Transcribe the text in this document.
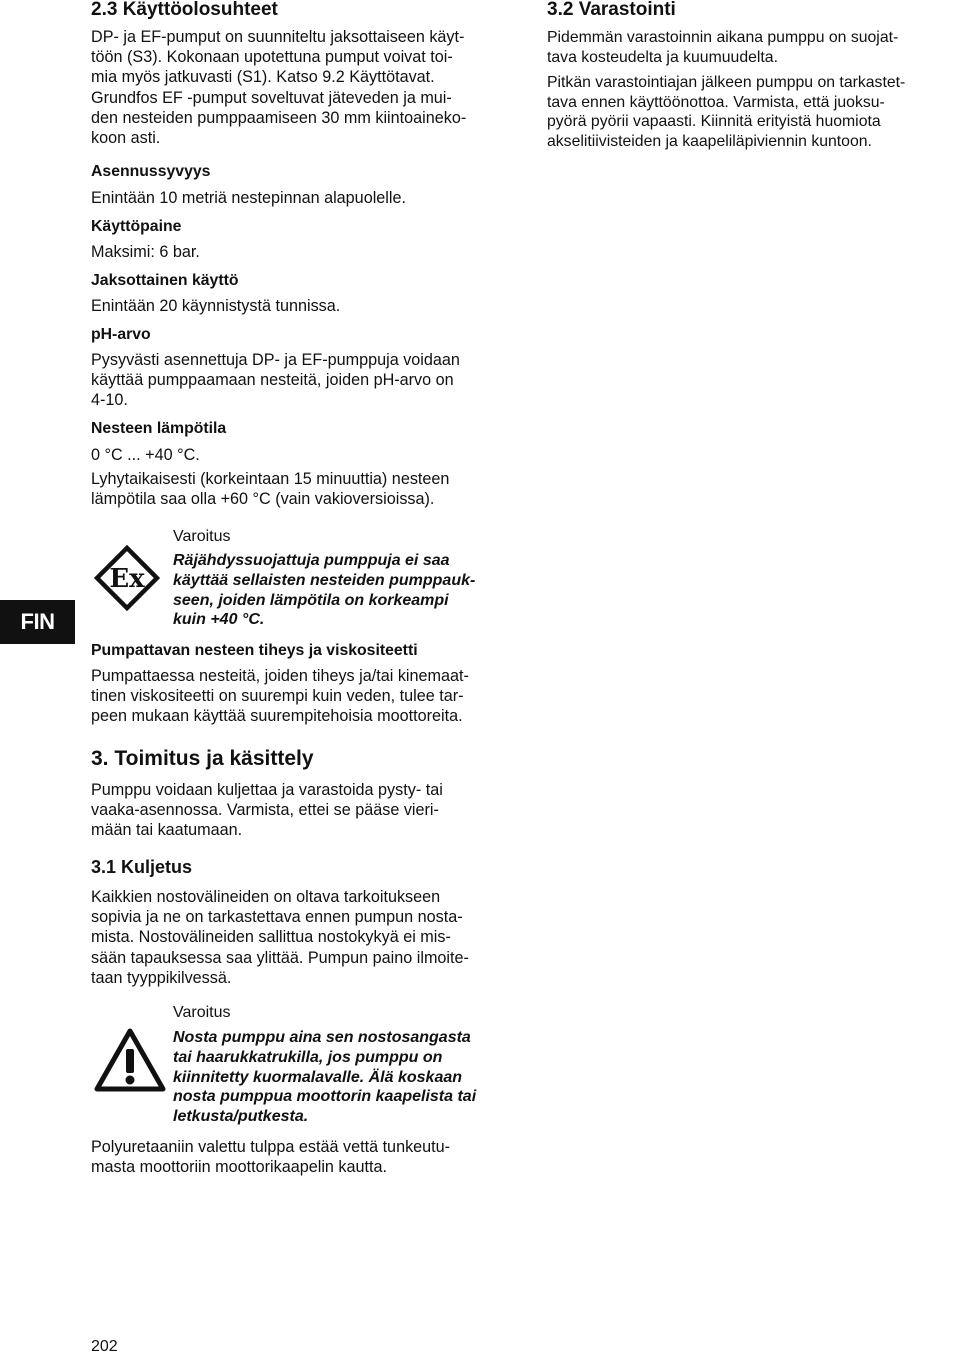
2.3 Käyttöolosuhteet

DP- ja EF-pumput on suunniteltu jaksottaiseen käyt-
töön (S3). Kokonaan upotettuna pumput voivat toi-
mia myös jatkuvasti (S1). Katso 9.2 Käyttötavat.
Grundfos EF -pumput soveltuvat jäteveden ja mui-
den nesteiden pumppaamiseen 30 mm kiintoaineko-
koon asti.

Asennussyvyys

Enintään 10 metriä nestepinnan alapuolelle.

Käyttöpaine

Maksimi: 6 bar.

Jaksottainen käyttö

Enintään 20 käynnistystä tunnissa.

pH-arvo

Pysyvästi asennettuja DP- ja EF-pumppuja voidaan
käyttää pumppaamaan nesteitä, joiden pH-arvo on
4-10.

Nesteen lämpötila

0 °C ... +40 °C.

Lyhytaikaisesti (korkeintaan 15 minuuttia) nesteen
lämpötila saa olla +60 °C (vain vakioversioissa).

Ex

Varoitus

Räjähdyssuojattuja pumppuja ei saa
käyttää sellaisten nesteiden pumppauk-
seen, joiden lämpötila on korkeampi
kuin +40 °C.

Pumpattavan nesteen tiheys ja viskositeetti

Pumpattaessa nesteitä, joiden tiheys ja/tai kinemaat-
tinen viskositeetti on suurempi kuin veden, tulee tar-
peen mukaan käyttää suurempitehoisia moottoreita.

3. Toimitus ja käsittely

Pumppu voidaan kuljettaa ja varastoida pysty- tai
vaaka-asennossa. Varmista, ettei se pääse vieri-
mään tai kaatumaan.

3.1 Kuljetus

Kaikkien nostovälineiden on oltava tarkoitukseen
sopivia ja ne on tarkastettava ennen pumpun nosta-
mista. Nostovälineiden sallittua nostokykyä ei mis-
sään tapauksessa saa ylittää. Pumpun paino ilmoite-
taan tyyppikilvessä.

Varoitus

Nosta pumppu aina sen nostosangasta
tai haarukkatrukilla, jos pumppu on
kiinnitetty kuormalavalle. Älä koskaan
nosta pumppua moottorin kaapelista tai
letkusta/putkesta.

Polyuretaaniin valettu tulppa estää vettä tunkeutu-
masta moottoriin moottorikaapelin kautta.

3.2 Varastointi

Pidemmän varastoinnin aikana pumppu on suojat-
tava kosteudelta ja kuumuudelta.

Pitkän varastointiajan jälkeen pumppu on tarkastet-
tava ennen käyttöönottoa. Varmista, että juoksu-
pyörä pyörii vapaasti. Kiinnitä erityistä huomiota
akselitiivisteiden ja kaapeliläpiviennin kuntoon.

FIN
202
